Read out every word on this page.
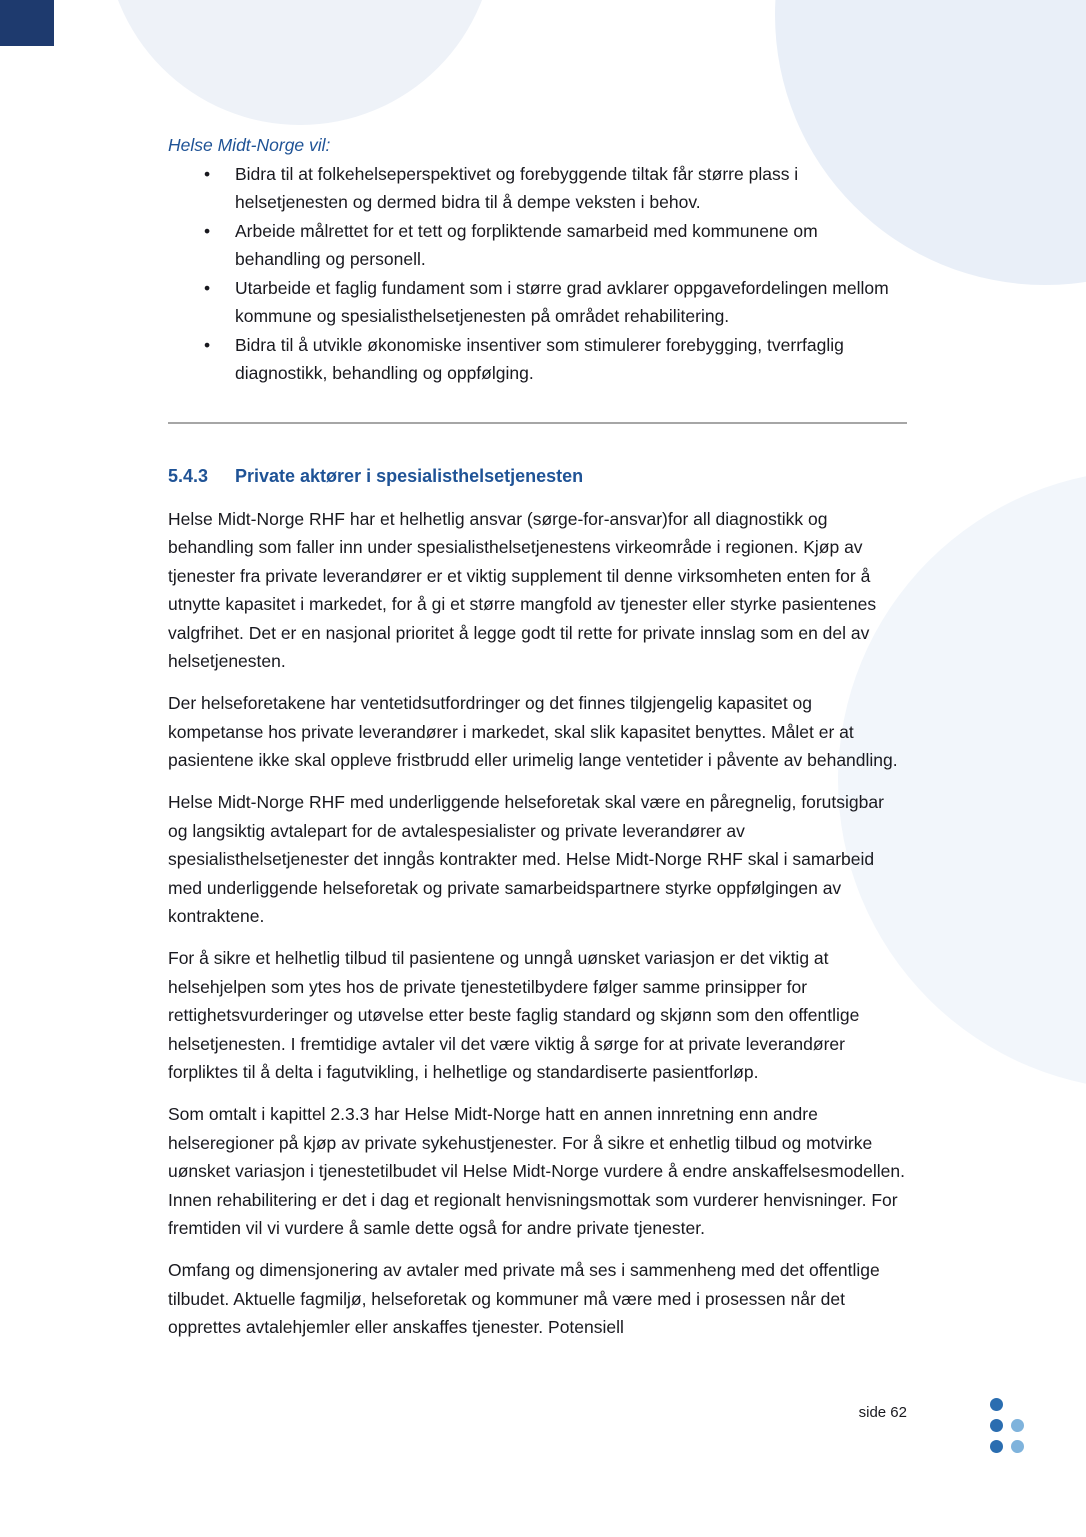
Helse Midt-Norge vil:

• Bidra til at folkehelseperspektivet og forebyggende tiltak får større plass i helsetjenesten og dermed bidra til å dempe veksten i behov.
• Arbeide målrettet for et tett og forpliktende samarbeid med kommunene om behandling og personell.
• Utarbeide et faglig fundament som i større grad avklarer oppgavefordelingen mellom kommune og spesialisthelsetjenesten på området rehabilitering.
• Bidra til å utvikle økonomiske insentiver som stimulerer forebygging, tverrfaglig diagnostikk, behandling og oppfølging.
5.4.3	Private aktører i spesialisthelsetjenesten

Helse Midt-Norge RHF har et helhetlig ansvar (sørge-for-ansvar)for all diagnostikk og behandling som faller inn under spesialisthelsetjenestens virkeområde i regionen. Kjøp av tjenester fra private leverandører er et viktig supplement til denne virksomheten enten for å utnytte kapasitet i markedet, for å gi et større mangfold av tjenester eller styrke pasientenes valgfrihet. Det er en nasjonal prioritet å legge godt til rette for private innslag som en del av helsetjenesten.

Der helseforetakene har ventetidsutfordringer og det finnes tilgjengelig kapasitet og kompetanse hos private leverandører i markedet, skal slik kapasitet benyttes. Målet er at pasientene ikke skal oppleve fristbrudd eller urimelig lange ventetider i påvente av behandling.

Helse Midt-Norge RHF med underliggende helseforetak skal være en påregnelig, forutsigbar og langsiktig avtalepart for de avtalespesialister og private leverandører av spesialisthelsetjenester det inngås kontrakter med. Helse Midt-Norge RHF skal i samarbeid med underliggende helseforetak og private samarbeidspartnere styrke oppfølgingen av kontraktene.

For å sikre et helhetlig tilbud til pasientene og unngå uønsket variasjon er det viktig at helsehjelpen som ytes hos de private tjenestetilbydere følger samme prinsipper for rettighetsvurderinger og utøvelse etter beste faglig standard og skjønn som den offentlige helsetjenesten. I fremtidige avtaler vil det være viktig å sørge for at private leverandører forpliktes til å delta i fagutvikling, i helhetlige og standardiserte pasientforløp.

Som omtalt i kapittel 2.3.3 har Helse Midt-Norge hatt en annen innretning enn andre helseregioner på kjøp av private sykehustjenester. For å sikre et enhetlig tilbud og motvirke uønsket variasjon i tjenestetilbudet vil Helse Midt-Norge vurdere å endre anskaffelsesmodellen. Innen rehabilitering er det i dag et regionalt henvisningsmottak som vurderer henvisninger. For fremtiden vil vi vurdere å samle dette også for andre private tjenester.

Omfang og dimensjonering av avtaler med private må ses i sammenheng med det offentlige tilbudet. Aktuelle fagmiljø, helseforetak og kommuner må være med i prosessen når det opprettes avtalehjemler eller anskaffes tjenester. Potensiell

side 62
